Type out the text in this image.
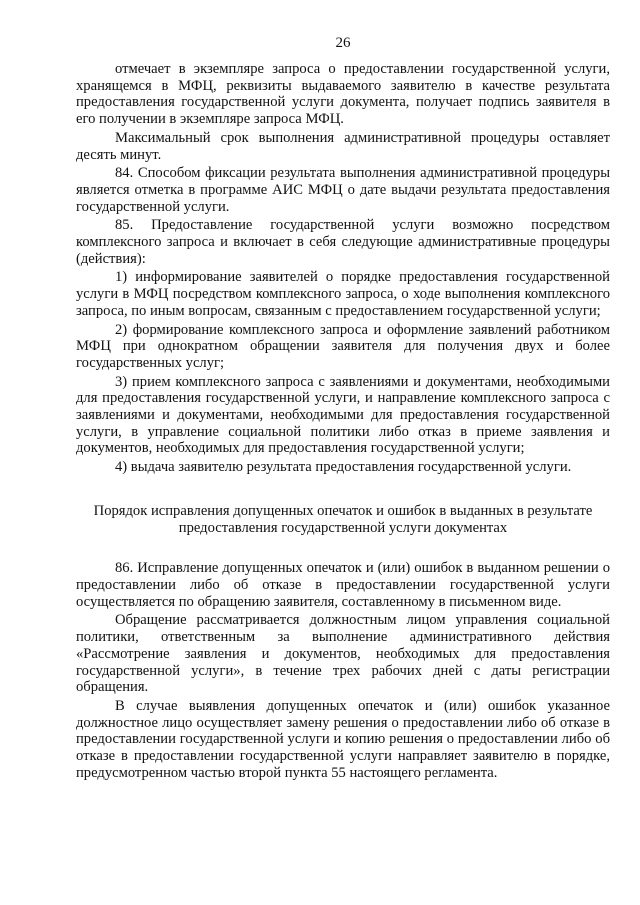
26

отмечает в экземпляре запроса о предоставлении государственной услуги, хранящемся в МФЦ, реквизиты выдаваемого заявителю в качестве результата предоставления государственной услуги документа, получает подпись заявителя в его получении в экземпляре запроса МФЦ.

Максимальный срок выполнения административной процедуры оставляет десять минут.

84. Способом фиксации результата выполнения административной процедуры является отметка в программе АИС МФЦ о дате выдачи результата предоставления государственной услуги.

85. Предоставление государственной услуги возможно посредством комплексного запроса и включает в себя следующие административные процедуры (действия):

1) информирование заявителей о порядке предоставления государственной услуги в МФЦ посредством комплексного запроса, о ходе выполнения комплексного запроса, по иным вопросам, связанным с предоставлением государственной услуги;

2) формирование комплексного запроса и оформление заявлений работником МФЦ при однократном обращении заявителя для получения двух и более государственных услуг;

3) прием комплексного запроса с заявлениями и документами, необходимыми для предоставления государственной услуги, и направление комплексного запроса с заявлениями и документами, необходимыми для предоставления государственной услуги, в управление социальной политики либо отказ в приеме заявления и документов, необходимых для предоставления государственной услуги;

4) выдача заявителю результата предоставления государственной услуги.

Порядок исправления допущенных опечаток и ошибок в выданных в результате предоставления государственной услуги документах

86. Исправление допущенных опечаток и (или) ошибок в выданном решении о предоставлении либо об отказе в предоставлении государственной услуги осуществляется по обращению заявителя, составленному в письменном виде.

Обращение рассматривается должностным лицом управления социальной политики, ответственным за выполнение административного действия «Рассмотрение заявления и документов, необходимых для предоставления государственной услуги», в течение трех рабочих дней с даты регистрации обращения.

В случае выявления допущенных опечаток и (или) ошибок указанное должностное лицо осуществляет замену решения о предоставлении либо об отказе в предоставлении государственной услуги и копию решения о предоставлении либо об отказе в предоставлении государственной услуги направляет заявителю в порядке, предусмотренном частью второй пункта 55 настоящего регламента.
